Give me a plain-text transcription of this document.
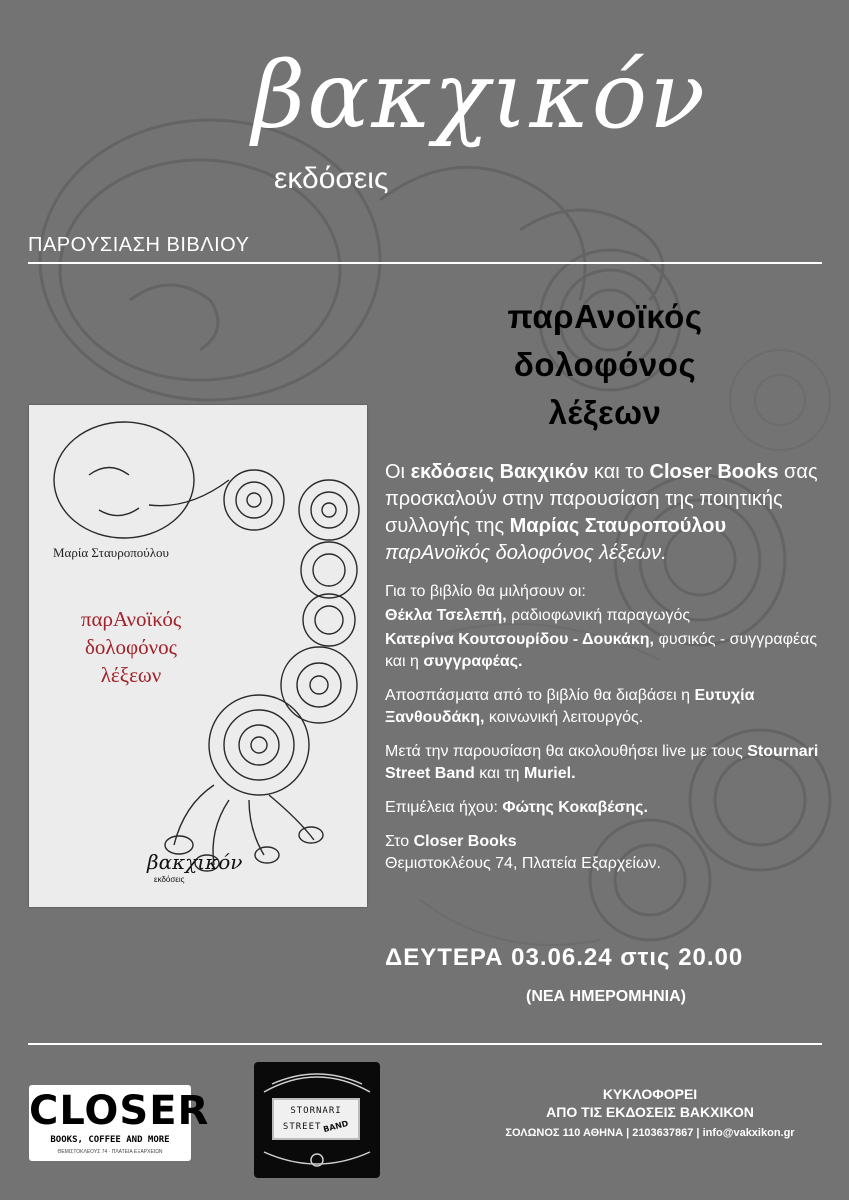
βακχικόν
εκδόσεις
ΠΑΡΟΥΣΙΑΣΗ ΒΙΒΛΙΟΥ
παρΑνοϊκός
δολοφόνος
λέξεων
Μαρία Σταυροπούλου
παρΑνοϊκός
δολοφόνος
λέξεων
βακχικόν
εκδόσεις

Οι εκδόσεις Βακχικόν και το Closer Books σας προσκαλούν στην παρουσίαση της ποιητικής συλλογής της Μαρίας Σταυροπούλου παρΑνοϊκός δολοφόνος λέξεων.

Για το βιβλίο θα μιλήσουν οι:

Θέκλα Τσελεπή, ραδιοφωνική παραγωγός

Κατερίνα Κουτσουρίδου - Δουκάκη, φυσικός - συγγραφέας και η συγγραφέας.

Αποσπάσματα από το βιβλίο θα διαβάσει η Ευτυχία Ξανθουδάκη, κοινωνική λειτουργός.

Μετά την παρουσίαση θα ακολουθήσει live με τους Stournari Street Band και τη Muriel.

Επιμέλεια ήχου: Φώτης Κοκαβέσης.

Στο Closer Books
Θεμιστοκλέους 74, Πλατεία Εξαρχείων.

ΔΕΥΤΕΡΑ 03.06.24 στις 20.00
(ΝΕΑ ΗΜΕΡΟΜΗΝΙΑ)
CLOSER
BOOKS, COFFEE AND MORE
ΘΕΜΙΣΤΟΚΛΕΟΥΣ 74 · ΠΛΑΤΕΙΑ ΕΞΑΡΧΕΙΩΝ
STORNARI
STREETBAND
ΚΥΚΛΟΦΟΡΕΙ
ΑΠΟ ΤΙΣ ΕΚΔΟΣΕΙΣ ΒΑΚΧΙΚΟΝ
ΣΟΛΩΝΟΣ 110 ΑΘΗΝΑ | 2103637867 | info@vakxikon.gr
